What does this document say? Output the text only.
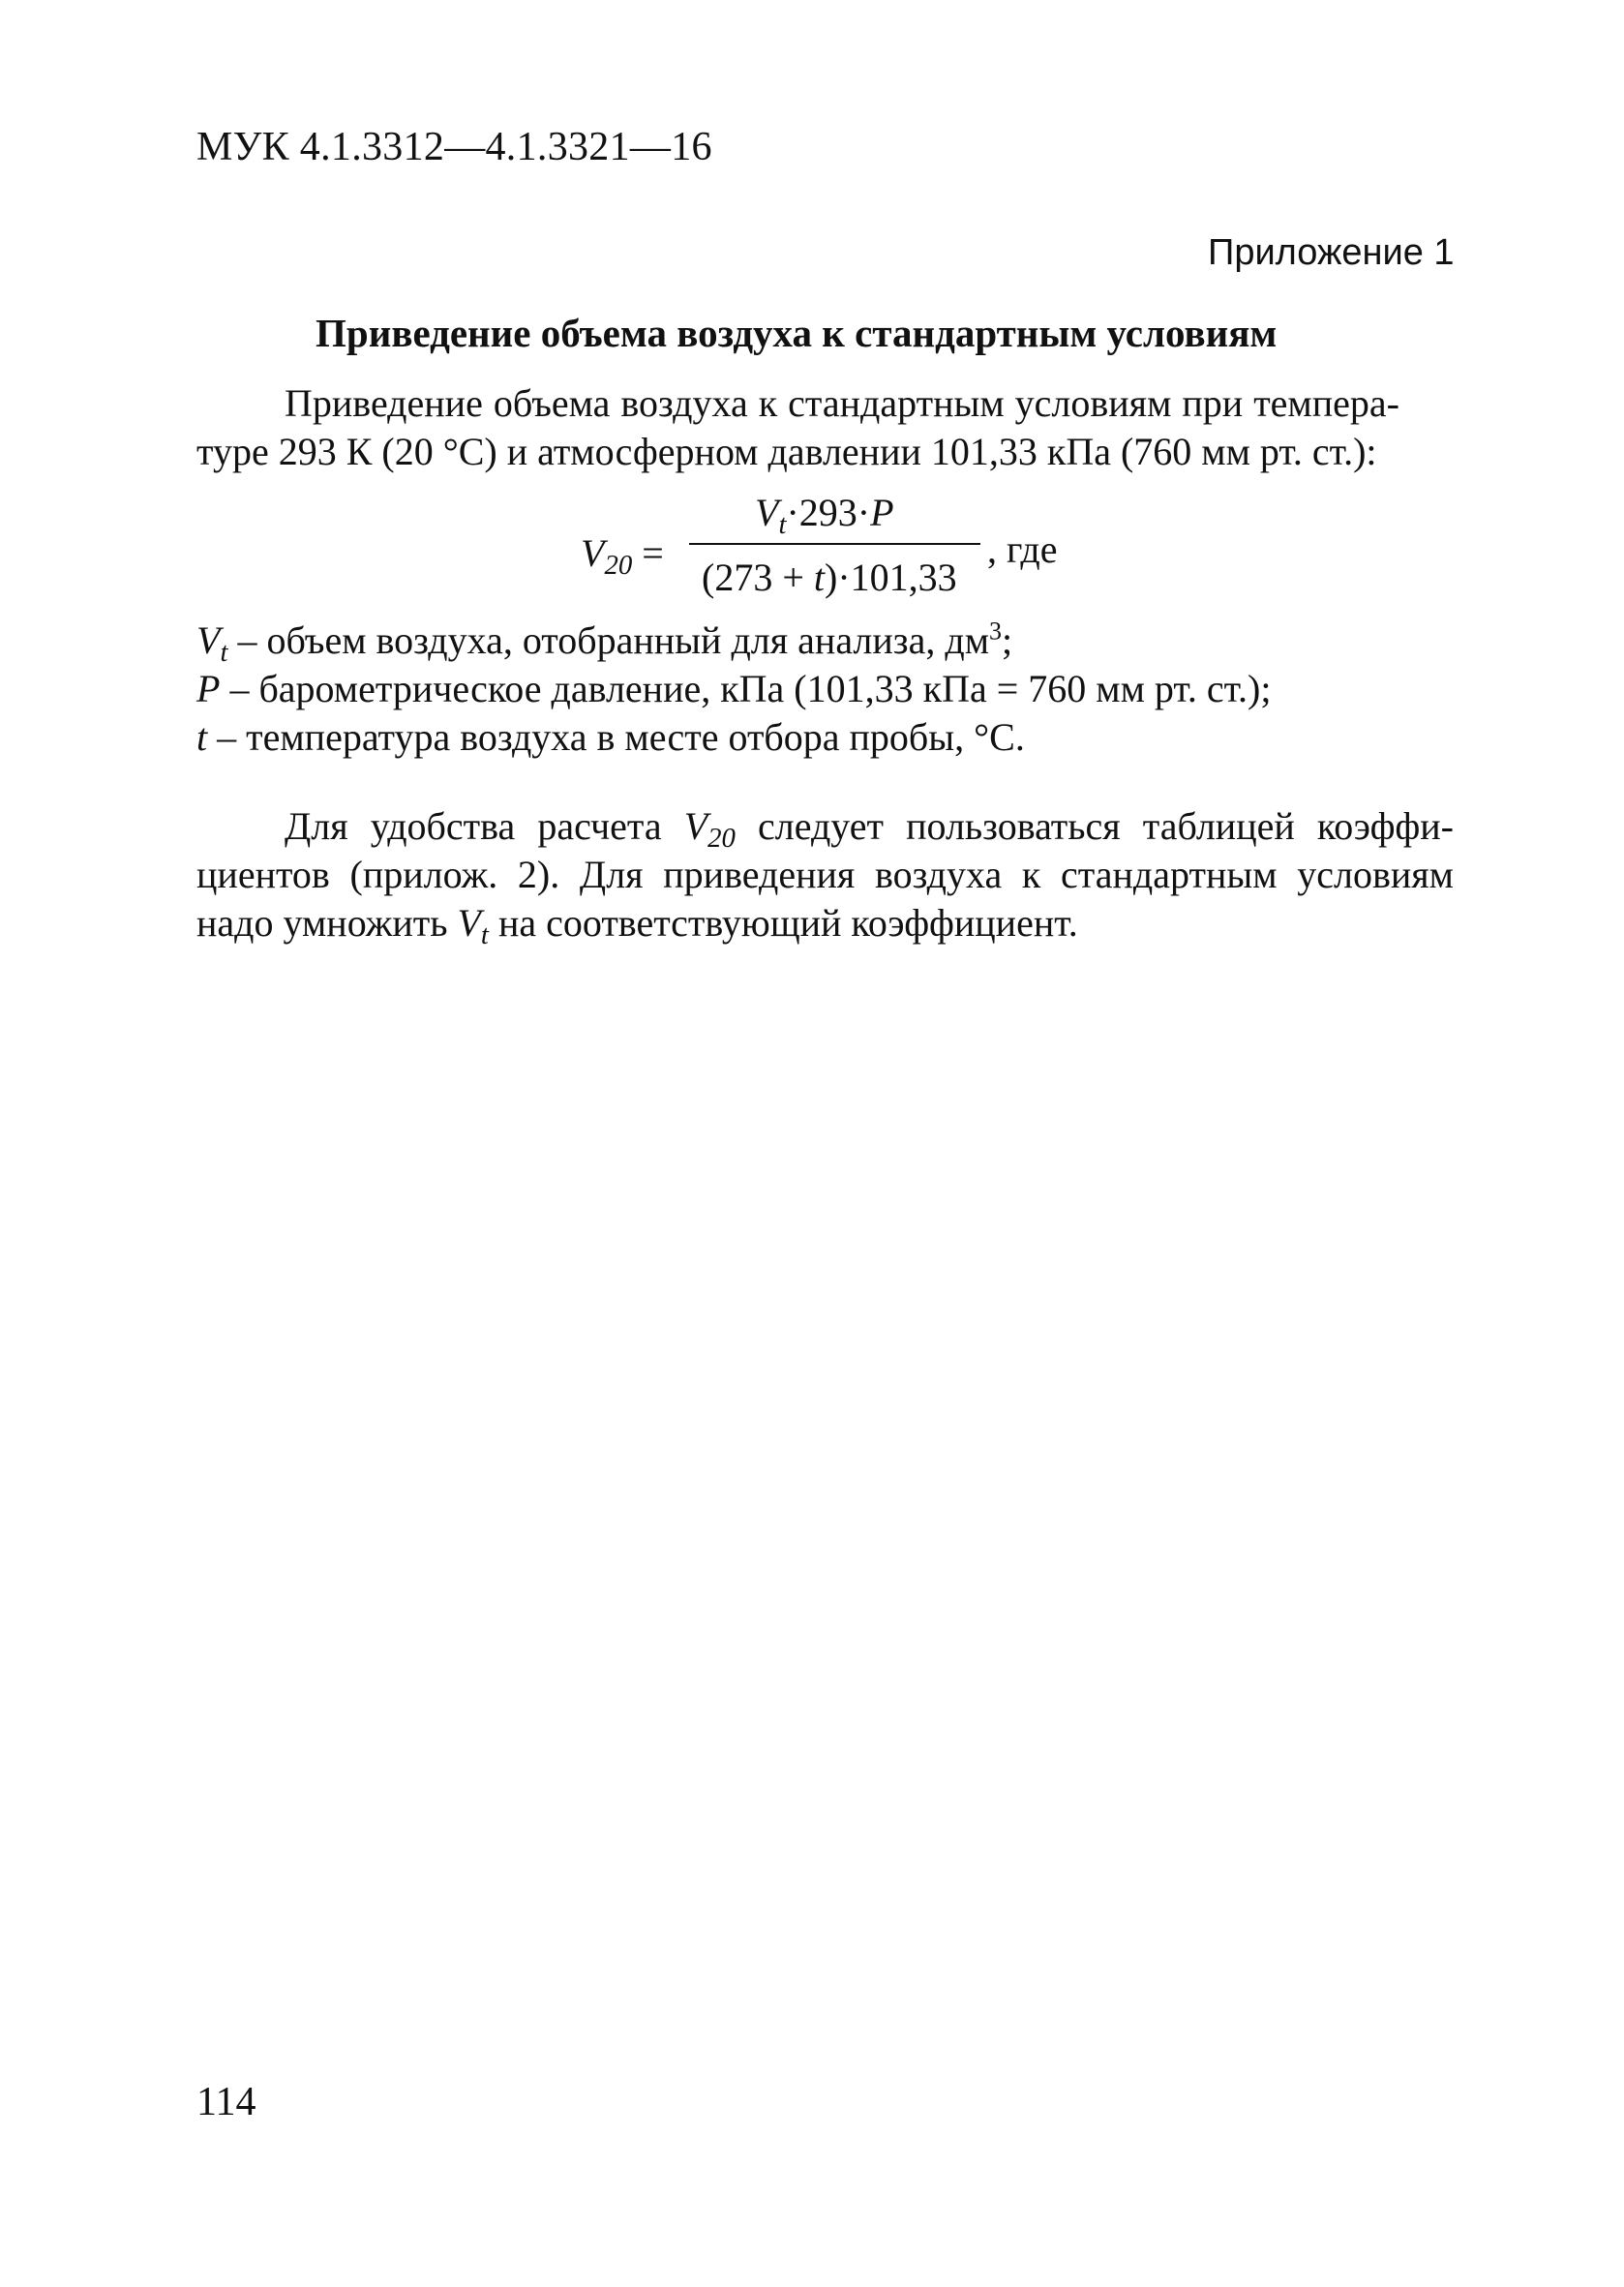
МУК 4.1.3312—4.1.3321—16
Приложение 1
Приведение объема воздуха к стандартным условиям
Приведение объема воздуха к стандартным условиям при темпера-
туре 293 К (20 °С) и атмосферном давлении 101,33 кПа (760 мм рт. ст.):
$V_{20}$ =
$V_t\cdot 293\cdot P$
(273 + t)·101,33
, где
$V_t$ – объем воздуха, отобранный для анализа, $дм^3$;
P – барометрическое давление, кПа (101,33 кПа = 760 мм рт. ст.);
t – температура воздуха в месте отбора пробы, °С.
Для удобства расчета $V_{20}$ следует пользоваться таблицей коэффи-
циентов (прилож. 2). Для приведения воздуха к стандартным условиям
надо умножить $V_t$ на соответствующий коэффициент.
114
